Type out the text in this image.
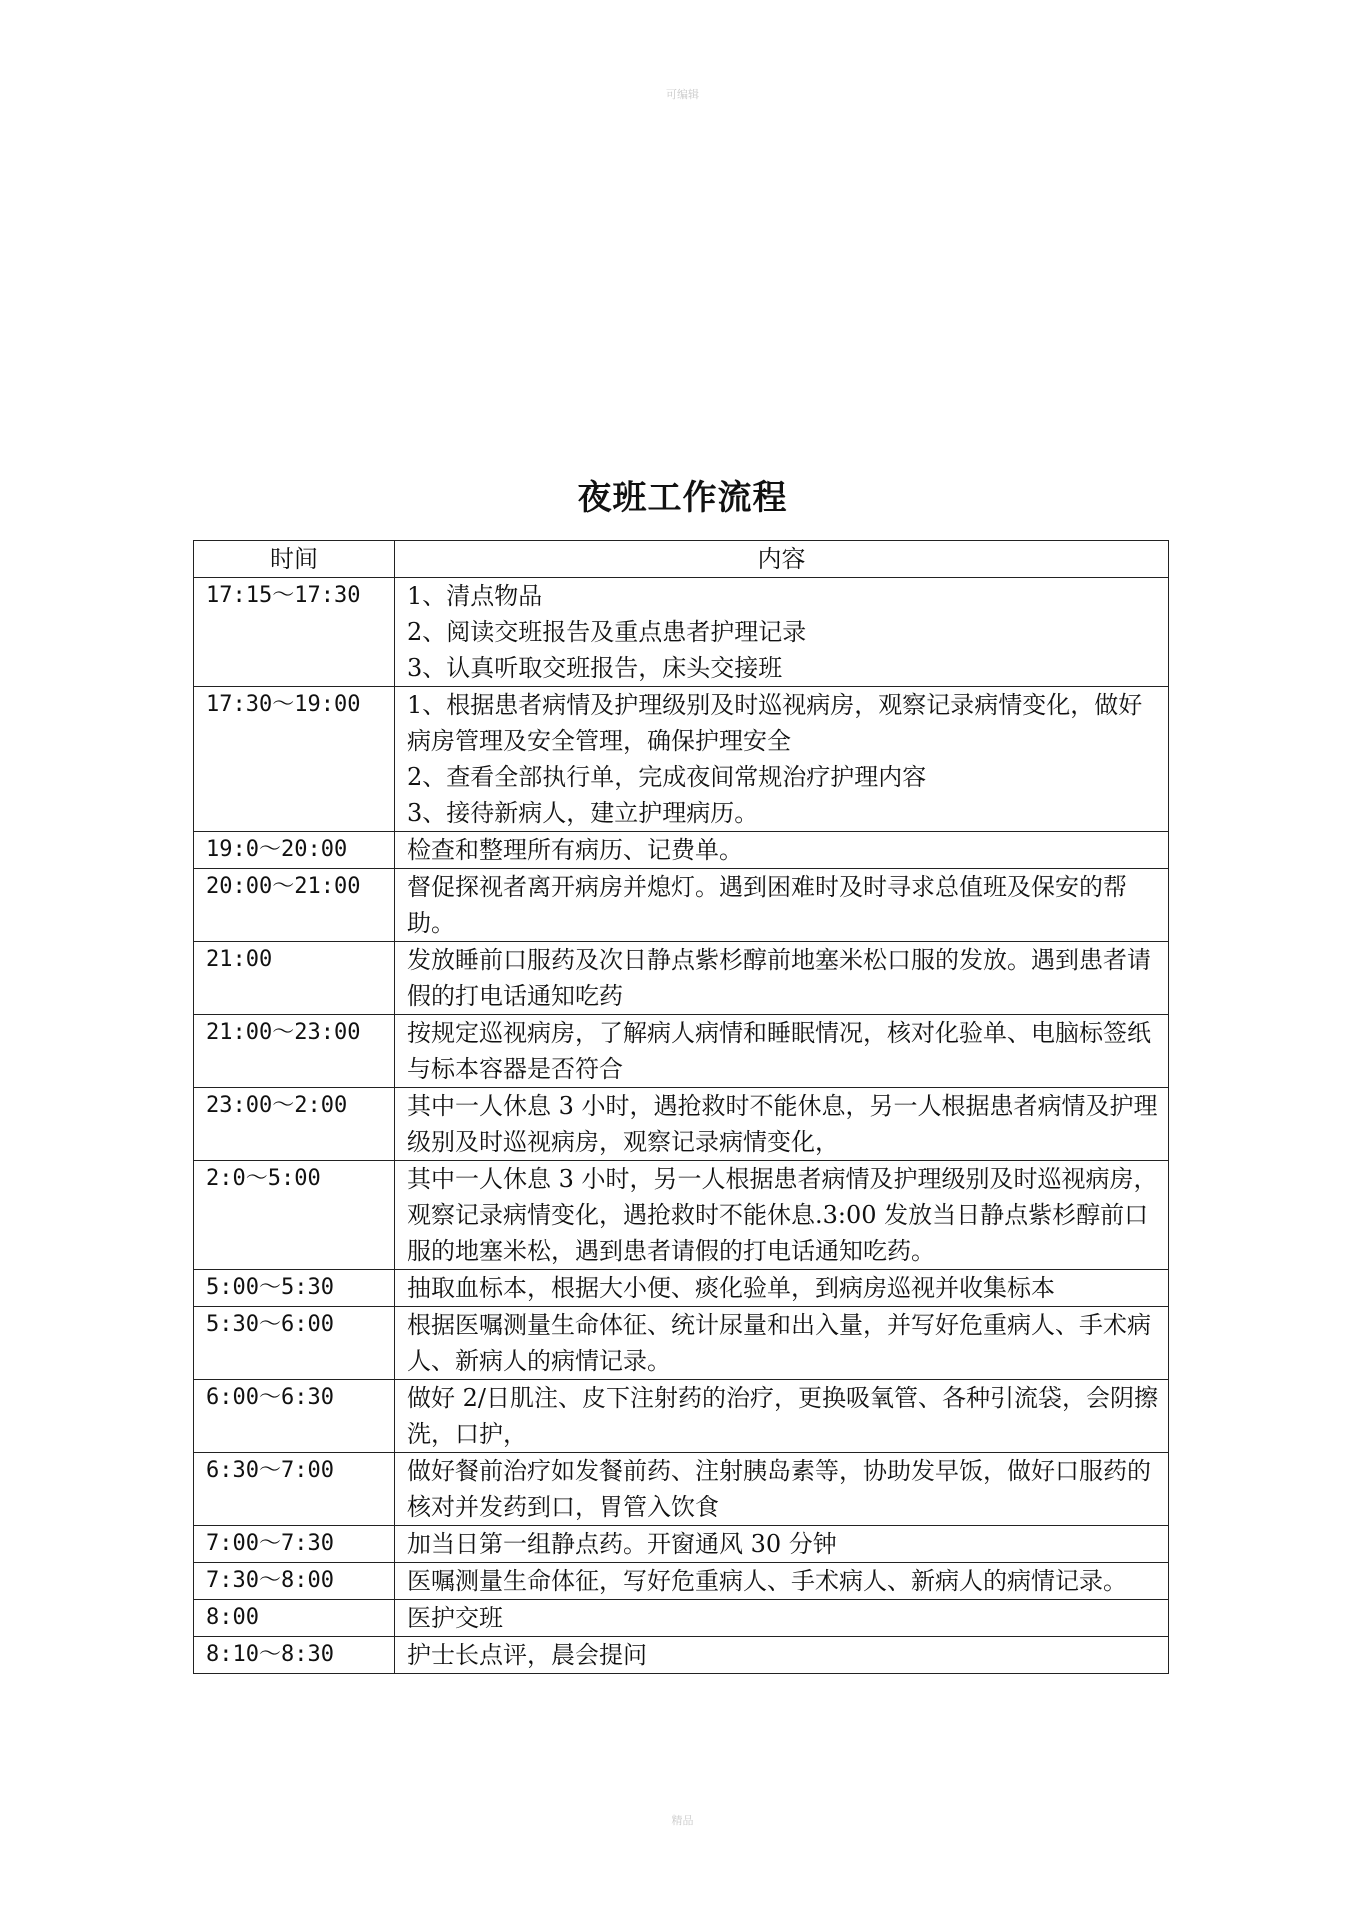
可编辑
夜班工作流程
时间	内容
17:15～17:30	1、清点物品
2、阅读交班报告及重点患者护理记录
3、认真听取交班报告，床头交接班

17:30～19:00	1、根据患者病情及护理级别及时巡视病房，观察记录病情变化，做好病房管理及安全管理，确保护理安全
2、查看全部执行单，完成夜间常规治疗护理内容
3、接待新病人，建立护理病历。

19:0～20:00	检查和整理所有病历、记费单。

20:00～21:00	督促探视者离开病房并熄灯。遇到困难时及时寻求总值班及保安的帮助。

21:00	发放睡前口服药及次日静点紫杉醇前地塞米松口服的发放。遇到患者请假的打电话通知吃药

21:00～23:00	按规定巡视病房，了解病人病情和睡眠情况，核对化验单、电脑标签纸与标本容器是否符合

23:00～2:00	其中一人休息 3 小时，遇抢救时不能休息，另一人根据患者病情及护理级别及时巡视病房，观察记录病情变化，

2:0～5:00	其中一人休息 3 小时，另一人根据患者病情及护理级别及时巡视病房，观察记录病情变化，遇抢救时不能休息.3:00 发放当日静点紫杉醇前口服的地塞米松，遇到患者请假的打电话通知吃药。

5:00～5:30	抽取血标本，根据大小便、痰化验单，到病房巡视并收集标本

5:30～6:00	根据医嘱测量生命体征、统计尿量和出入量，并写好危重病人、手术病人、新病人的病情记录。

6:00～6:30	做好 2/日肌注、皮下注射药的治疗，更换吸氧管、各种引流袋，会阴擦洗，口护，

6:30～7:00	做好餐前治疗如发餐前药、注射胰岛素等，协助发早饭，做好口服药的核对并发药到口，胃管入饮食

7:00～7:30	加当日第一组静点药。开窗通风 30 分钟

7:30～8:00	医嘱测量生命体征，写好危重病人、手术病人、新病人的病情记录。

8:00	医护交班

8:10～8:30	护士长点评，晨会提问
精品
